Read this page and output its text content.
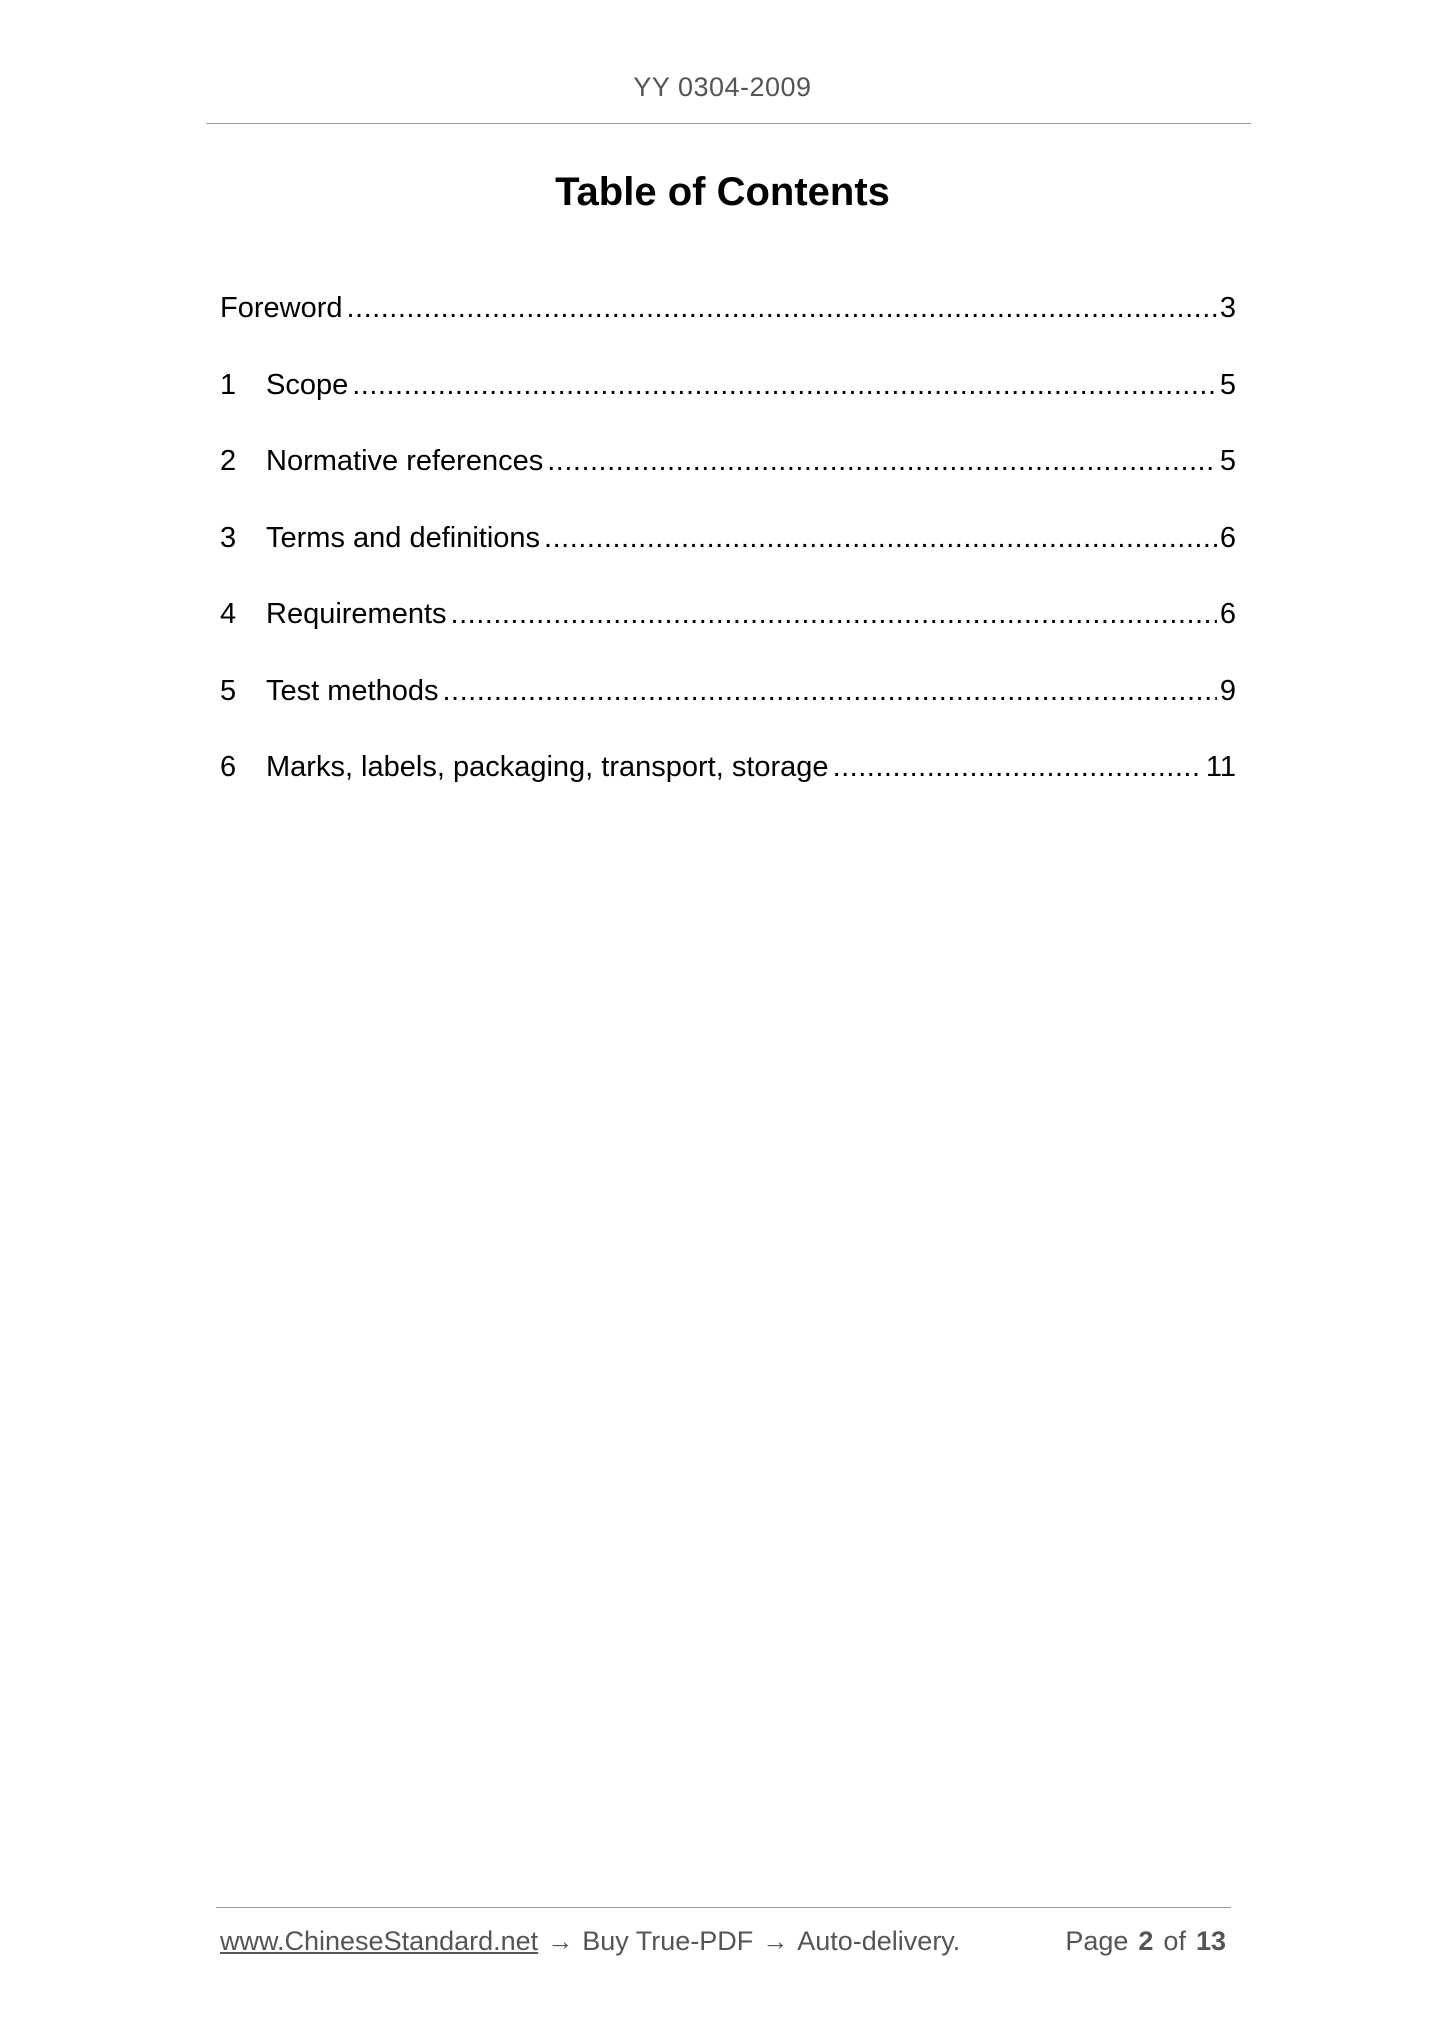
YY 0304-2009
Table of Contents
Foreword .....	3
1	Scope .....	5
2	Normative references .....	5
3	Terms and definitions .....	6
4	Requirements .....	6
5	Test methods .....	9
6	Marks, labels, packaging, transport, storage .....	11
www.ChineseStandard.net → Buy True-PDF → Auto-delivery.	Page 2 of 13
